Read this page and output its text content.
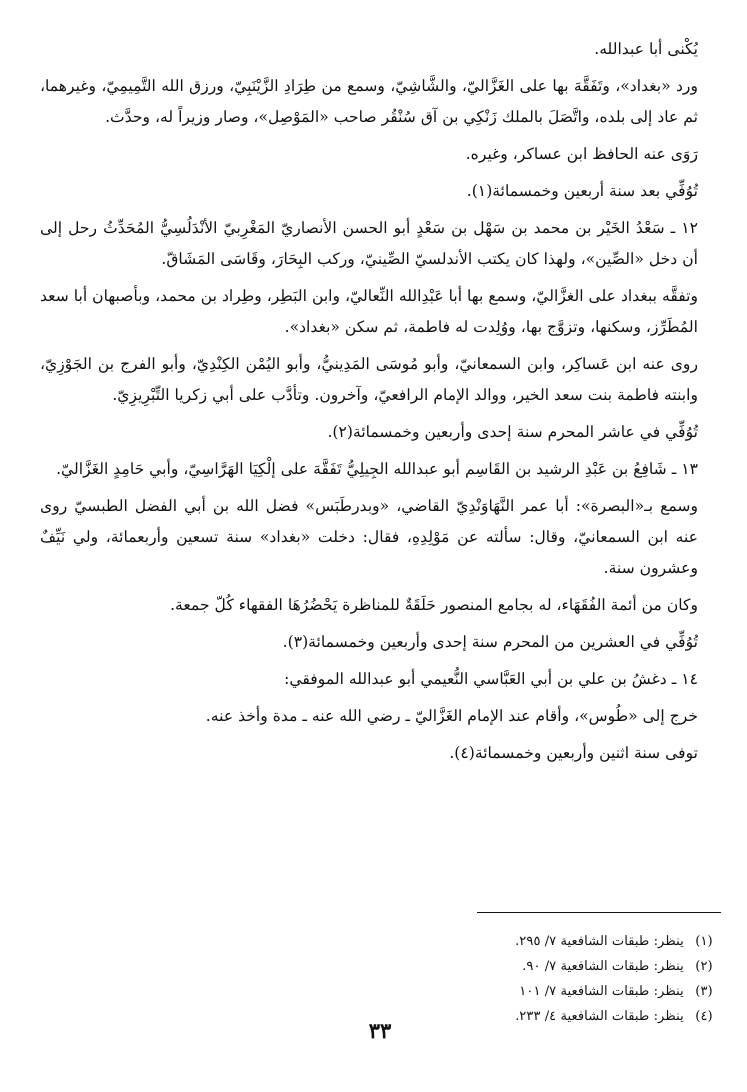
يُكْنى أبا عبدالله.

ورد «بغداد»، وتَفَقَّهَ بها على الغَزَّاليّ، والشَّاشِيّ، وسمع من طِرَادِ الزَّيْنَبِيّ، ورزق الله التَّمِيمِيّ، وغيرهما، ثم عاد إلى بلده، واتَّصَلَ بالملك زَنْكِي بن آق سُنْقُر صاحب «المَوْصِل»، وصار وزيراً له، وحدَّث.

رَوَى عنه الحافظ ابن عساكر، وغيره.

تُوُفِّي بعد سنة أربعين وخمسمائة(١).

١٢ ـ سَعْدُ الخَيْر بن محمد بن سَهْل بن سَعْدٍ أبو الحسن الأنصاريّ المَغْرِبيّ الأنْدَلُسِيُّ المُحَدِّثُ رحل إلى أن دخل «الصِّين»، ولهذا كان يكتب الأندلسيّ الصِّينيّ، وركب البِحَارَ، وقَاسَى المَشَاقّ.

وتفقَّه ببغداد على الغزَّاليّ، وسمع بها أبا عَبْدِالله النِّعاليّ، وابن البَطِر، وطِراد بن محمد، وبأصبهان أبا سعد المُطَرِّز، وسكنها، وتزوَّج بها، ووُلِدت له فاطمة، ثم سكن «بغداد».

روى عنه ابن عَساكِر، وابن السمعانيّ، وأبو مُوسَى المَدِينيُّ، وأبو اليُمْن الكِنْدِيّ، وأبو الفرج بن الجَوْزِيّ، وابنته فاطمة بنت سعد الخير، ووالد الإمام الرافعيّ، وآخرون. وتأدَّب على أبي زكريا التِّبْرِيزِيّ.

تُوُفِّي في عاشر المحرم سنة إحدى وأربعين وخمسمائة(٢).

١٣ ـ شَافِعُ بن عَبْدِ الرشيد بن القَاسِم أبو عبدالله الجِيلِيُّ تَفَقَّهَ على إلْكِيَا الهَرَّاسِيّ، وأبي حَامِدٍ الغَزَّاليّ.

وسمع بـ«البصرة»: أبا عمر النَّهَاوَنْدِيّ القاضي، «وبدرطَبَس» فضل الله بن أبي الفضل الطبسيّ روى عنه ابن السمعانيّ، وقال: سألته عن مَوْلِدِهِ، فقال: دخلت «بغداد» سنة تسعين وأربعمائة، ولي نَيِّفٌ وعشرون سنة.

وكان من أئمة الفُقَهَاء، له بجامع المنصور حَلَقَةٌ للمناظرة يَحْضُرُهَا الفقهاء كُلّ جمعة.

تُوُفِّي في العشرين من المحرم سنة إحدى وأربعين وخمسمائة(٣).

١٤ ـ دغشُ بن علي بن أبي العَبَّاسي النُّعيمي أبو عبدالله الموفقي:

خرج إلى «طُوس»، وأقام عند الإمام الغَزَّاليّ ـ رضي الله عنه ـ مدة وأخذ عنه.

توفى سنة اثنين وأربعين وخمسمائة(٤).

(١) ينظر: طبقات الشافعية ٧/ ٢٩٥.
(٢) ينظر: طبقات الشافعية ٧/ ٩٠.
(٣) ينظر: طبقات الشافعية ٧/ ١٠١
(٤) ينظر: طبقات الشافعية ٤/ ٢٣٣.
٣٣
